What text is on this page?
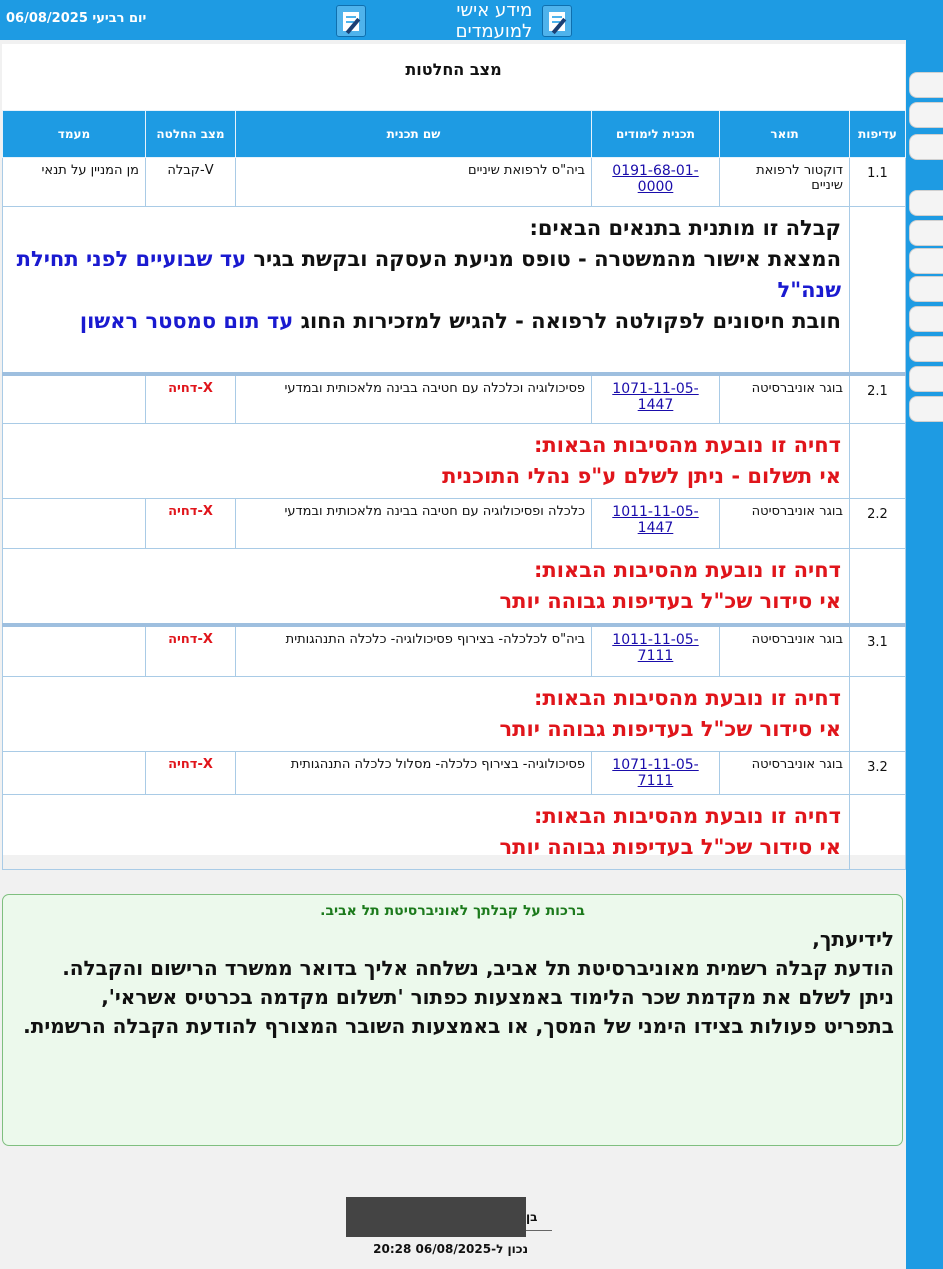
יום רביעי 06/08/2025	מידע אישי למועמדים
מצב החלטות
עדיפות	תואר	תכנית לימודים	שם תכנית	מצב החלטה	מעמד
1.1	דוקטור לרפואת שיניים	0191-68-01-0000	ביה"ס לרפואת שיניים	V-קבלה	מן המניין על תנאי

	קבלה זו מותנית בתנאים הבאים:
המצאת אישור מהמשטרה - טופס מניעת העסקה ובקשת בגיר עד שבועיים לפני תחילת שנה"ל
חובת חיסונים לפקולטה לרפואה - להגיש למזכירות החוג עד תום סמסטר ראשון				

2.1	בוגר אוניברסיטה	1071-11-05-1447	פסיכולוגיה וכלכלה עם חטיבה בבינה מלאכותית ובמדעי	X-דחיה	

	דחיה זו נובעת מהסיבות הבאות:
אי תשלום - ניתן לשלם ע"פ נהלי התוכנית				

2.2	בוגר אוניברסיטה	1011-11-05-1447	כלכלה ופסיכולוגיה עם חטיבה בבינה מלאכותית ובמדעי	X-דחיה	

	דחיה זו נובעת מהסיבות הבאות:
אי סידור שכ"ל בעדיפות גבוהה יותר				

3.1	בוגר אוניברסיטה	1011-11-05-7111	ביה"ס לכלכלה- בצירוף פסיכולוגיה- כלכלה התנהגותית	X-דחיה	

	דחיה זו נובעת מהסיבות הבאות:
אי סידור שכ"ל בעדיפות גבוהה יותר				

3.2	בוגר אוניברסיטה	1071-11-05-7111	פסיכולוגיה- בצירוף כלכלה- מסלול כלכלה התנהגותית	X-דחיה	

	דחיה זו נובעת מהסיבות הבאות:
אי סידור שכ"ל בעדיפות גבוהה יותר				
ברכות על קבלתך לאוניברסיטת תל אביב.
לידיעתך,
הודעת קבלה רשמית מאוניברסיטת תל אביב, נשלחה אליך בדואר ממשרד הרישום והקבלה.
ניתן לשלם את מקדמת שכר הלימוד באמצעות כפתור 'תשלום מקדמה בכרטיס אשראי',
בתפריט פעולות בצידו הימני של המסך, או באמצעות השובר המצורף להודעת הקבלה הרשמית.
בן
נכון ל-06/08/2025 20:28
